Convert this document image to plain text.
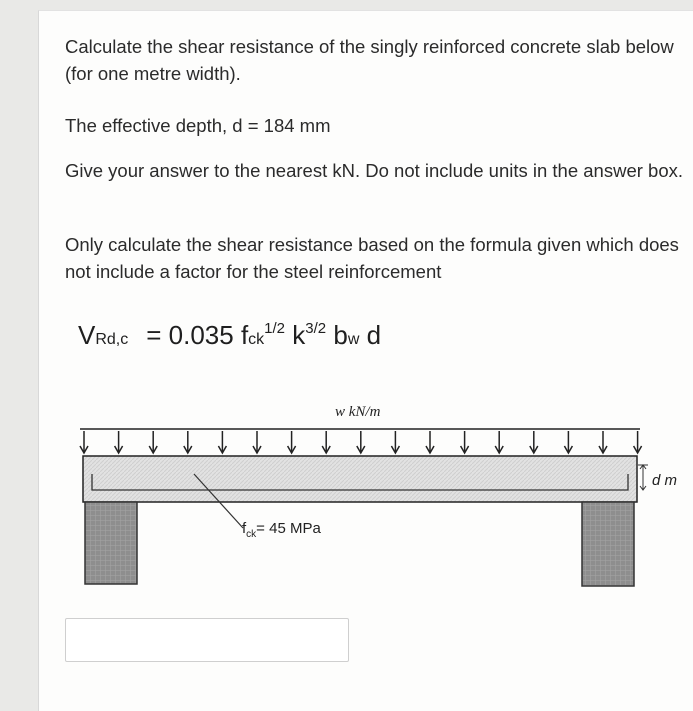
Calculate the shear resistance of the singly reinforced concrete slab below (for one metre width).
The effective depth, d = 184 mm
Give your answer to the nearest kN. Do not include units in the answer box.
Only calculate the shear resistance based on the formula given which does not include a factor for the steel reinforcement
VRd,c = 0.035 fck$^{1/2}$ $k^{3/2}$ bw d
w kN/m
$f_{ck}= 45$ MPa
d m
